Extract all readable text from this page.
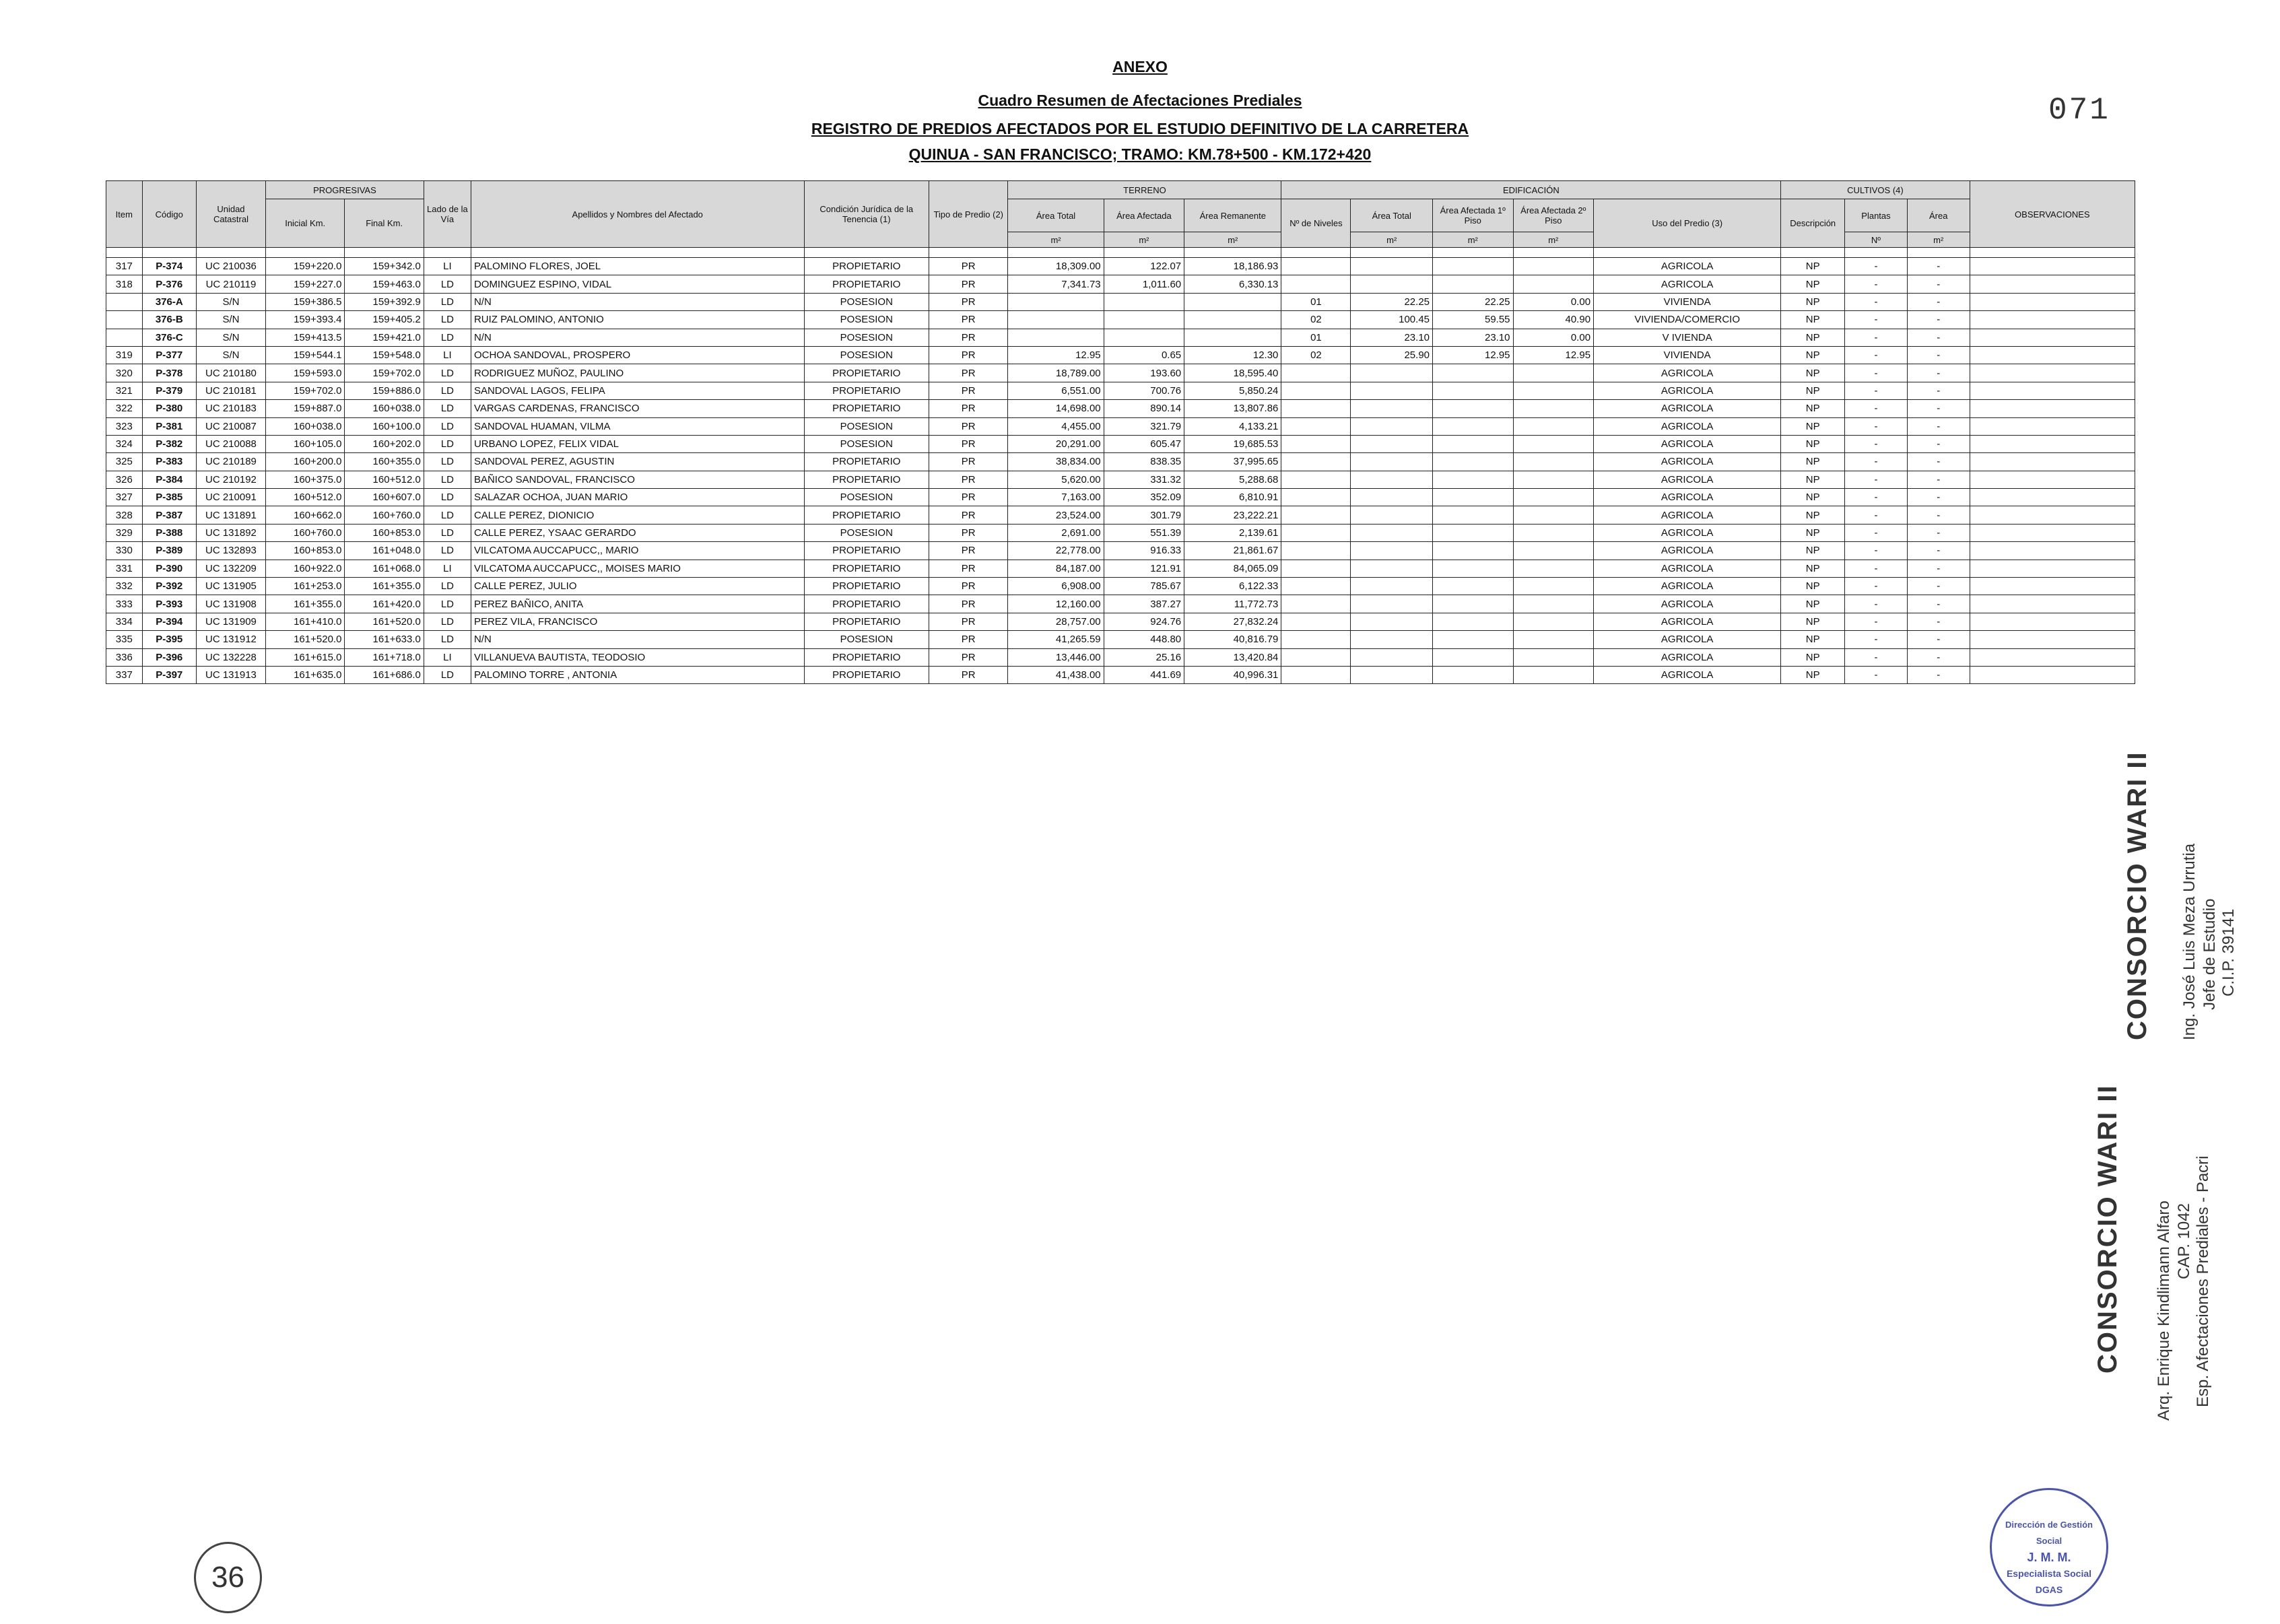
ANEXO
Cuadro Resumen de Afectaciones Prediales
REGISTRO DE PREDIOS AFECTADOS POR EL ESTUDIO DEFINITIVO DE LA CARRETERA
QUINUA - SAN FRANCISCO; TRAMO: KM.78+500 - KM.172+420
071
Item	Código	Unidad Catastral	PROGRESIVAS		Lado de la Vía	Apellidos y Nombres del Afectado	Condición Jurídica de la Tenencia (1)	Tipo de Predio (2)	TERRENO			EDIFICACIÓN					CULTIVOS (4)			OBSERVACIONES
			Inicial Km.	Final Km.					Área Total	Área Afectada	Área Remanente	Nº de Niveles	Área Total	Área Afectada 1º Piso	Área Afectada 2º Piso	Uso del Predio (3)	Descripción	Plantas	Área	
									m²	m²	m²		m²	m²	m²			Nº	m²	

317	P-374	UC 210036	159+220.0	159+342.0	LI	PALOMINO FLORES, JOEL	PROPIETARIO	PR	18,309.00	122.07	18,186.93					AGRICOLA	NP	-	-	
318	P-376	UC 210119	159+227.0	159+463.0	LD	DOMINGUEZ ESPINO, VIDAL	PROPIETARIO	PR	7,341.73	1,011.60	6,330.13					AGRICOLA	NP	-	-	
	376-A	S/N	159+386.5	159+392.9	LD	N/N	POSESION	PR				01	22.25	22.25	0.00	VIVIENDA	NP	-	-	
	376-B	S/N	159+393.4	159+405.2	LD	RUIZ PALOMINO, ANTONIO	POSESION	PR				02	100.45	59.55	40.90	VIVIENDA/COMERCIO	NP	-	-	
	376-C	S/N	159+413.5	159+421.0	LD	N/N	POSESION	PR				01	23.10	23.10	0.00	V IVIENDA	NP	-	-	
319	P-377	S/N	159+544.1	159+548.0	LI	OCHOA SANDOVAL, PROSPERO	POSESION	PR	12.95	0.65	12.30	02	25.90	12.95	12.95	VIVIENDA	NP	-	-	
320	P-378	UC 210180	159+593.0	159+702.0	LD	RODRIGUEZ MUÑOZ, PAULINO	PROPIETARIO	PR	18,789.00	193.60	18,595.40					AGRICOLA	NP	-	-	
321	P-379	UC 210181	159+702.0	159+886.0	LD	SANDOVAL LAGOS, FELIPA	PROPIETARIO	PR	6,551.00	700.76	5,850.24					AGRICOLA	NP	-	-	
322	P-380	UC 210183	159+887.0	160+038.0	LD	VARGAS CARDENAS, FRANCISCO	PROPIETARIO	PR	14,698.00	890.14	13,807.86					AGRICOLA	NP	-	-	
323	P-381	UC 210087	160+038.0	160+100.0	LD	SANDOVAL HUAMAN, VILMA	POSESION	PR	4,455.00	321.79	4,133.21					AGRICOLA	NP	-	-	
324	P-382	UC 210088	160+105.0	160+202.0	LD	URBANO LOPEZ, FELIX VIDAL	POSESION	PR	20,291.00	605.47	19,685.53					AGRICOLA	NP	-	-	
325	P-383	UC 210189	160+200.0	160+355.0	LD	SANDOVAL PEREZ, AGUSTIN	PROPIETARIO	PR	38,834.00	838.35	37,995.65					AGRICOLA	NP	-	-	
326	P-384	UC 210192	160+375.0	160+512.0	LD	BAÑICO SANDOVAL, FRANCISCO	PROPIETARIO	PR	5,620.00	331.32	5,288.68					AGRICOLA	NP	-	-	
327	P-385	UC 210091	160+512.0	160+607.0	LD	SALAZAR OCHOA, JUAN MARIO	POSESION	PR	7,163.00	352.09	6,810.91					AGRICOLA	NP	-	-	
328	P-387	UC 131891	160+662.0	160+760.0	LD	CALLE PEREZ, DIONICIO	PROPIETARIO	PR	23,524.00	301.79	23,222.21					AGRICOLA	NP	-	-	
329	P-388	UC 131892	160+760.0	160+853.0	LD	CALLE PEREZ, YSAAC GERARDO	POSESION	PR	2,691.00	551.39	2,139.61					AGRICOLA	NP	-	-	
330	P-389	UC 132893	160+853.0	161+048.0	LD	VILCATOMA AUCCAPUCC,, MARIO	PROPIETARIO	PR	22,778.00	916.33	21,861.67					AGRICOLA	NP	-	-	
331	P-390	UC 132209	160+922.0	161+068.0	LI	VILCATOMA AUCCAPUCC,, MOISES MARIO	PROPIETARIO	PR	84,187.00	121.91	84,065.09					AGRICOLA	NP	-	-	
332	P-392	UC 131905	161+253.0	161+355.0	LD	CALLE PEREZ, JULIO	PROPIETARIO	PR	6,908.00	785.67	6,122.33					AGRICOLA	NP	-	-	
333	P-393	UC 131908	161+355.0	161+420.0	LD	PEREZ BAÑICO, ANITA	PROPIETARIO	PR	12,160.00	387.27	11,772.73					AGRICOLA	NP	-	-	
334	P-394	UC 131909	161+410.0	161+520.0	LD	PEREZ VILA, FRANCISCO	PROPIETARIO	PR	28,757.00	924.76	27,832.24					AGRICOLA	NP	-	-	
335	P-395	UC 131912	161+520.0	161+633.0	LD	N/N	POSESION	PR	41,265.59	448.80	40,816.79					AGRICOLA	NP	-	-	
336	P-396	UC 132228	161+615.0	161+718.0	LI	VILLANUEVA BAUTISTA, TEODOSIO	PROPIETARIO	PR	13,446.00	25.16	13,420.84					AGRICOLA	NP	-	-	
337	P-397	UC 131913	161+635.0	161+686.0	LD	PALOMINO TORRE , ANTONIA	PROPIETARIO	PR	41,438.00	441.69	40,996.31					AGRICOLA	NP	-	-	
CONSORCIO WARI II Ing. José Luis Meza Urrutia Jefe de Estudio C.I.P. 39141
CONSORCIO WARI II Arq. Enrique Kindlimann Alfaro CAP. 1042 Esp. Afectaciones Prediales - Pacri
Dirección de Gestión Social
J. M. M.
Especialista Social
DGAS
36
